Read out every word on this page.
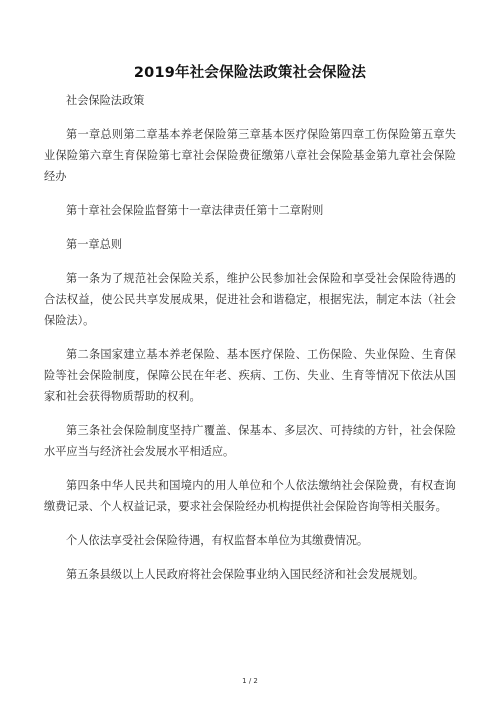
2019年社会保险法政策社会保险法

社会保险法政策

第一章总则第二章基本养老保险第三章基本医疗保险第四章工伤保险第五章失业保险第六章生育保险第七章社会保险费征缴第八章社会保险基金第九章社会保险经办

第十章社会保险监督第十一章法律责任第十二章附则

第一章总则

第一条为了规范社会保险关系，维护公民参加社会保险和享受社会保险待遇的合法权益，使公民共享发展成果，促进社会和谐稳定，根据宪法，制定本法（社会保险法）。

第二条国家建立基本养老保险、基本医疗保险、工伤保险、失业保险、生育保险等社会保险制度，保障公民在年老、疾病、工伤、失业、生育等情况下依法从国家和社会获得物质帮助的权利。

第三条社会保险制度坚持广覆盖、保基本、多层次、可持续的方针，社会保险水平应当与经济社会发展水平相适应。

第四条中华人民共和国境内的用人单位和个人依法缴纳社会保险费，有权查询缴费记录、个人权益记录，要求社会保险经办机构提供社会保险咨询等相关服务。

个人依法享受社会保险待遇，有权监督本单位为其缴费情况。

第五条县级以上人民政府将社会保险事业纳入国民经济和社会发展规划。

1 / 2
